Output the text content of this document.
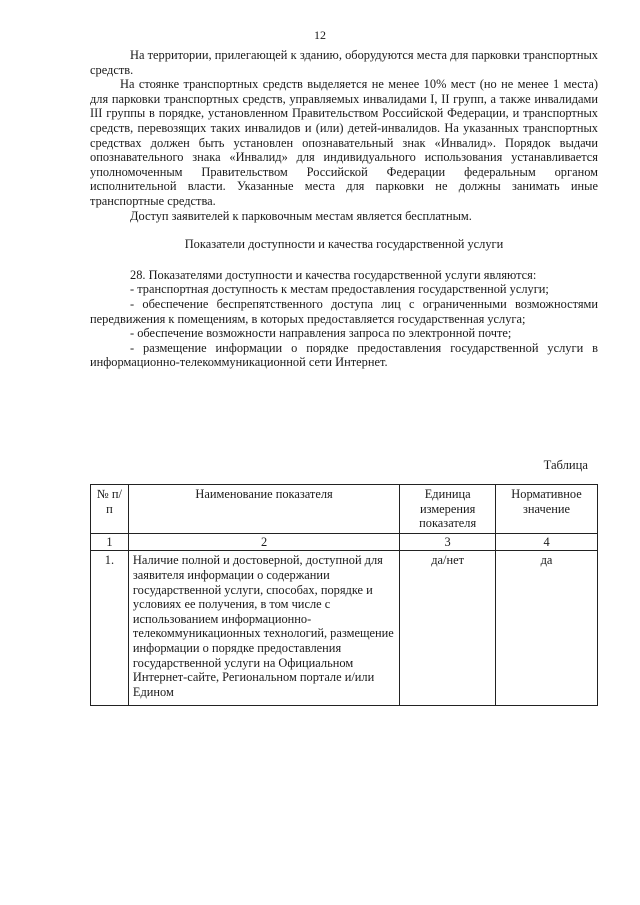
12

На территории, прилегающей к зданию, оборудуются места для парковки транспортных средств.

На стоянке транспортных средств выделяется не менее 10% мест (но не менее 1 места) для парковки транспортных средств, управляемых инвалидами I, II групп, а также инвалидами III группы в порядке, установленном Правительством Российской Федерации, и транспортных средств, перевозящих таких инвалидов и (или) детей-инвалидов. На указанных транспортных средствах должен быть установлен опознавательный знак «Инвалид». Порядок выдачи опознавательного знака «Инвалид» для индивидуального использования устанавливается уполномоченным Правительством Российской Федерации федеральным органом исполнительной власти. Указанные места для парковки не должны занимать иные транспортные средства.

Доступ заявителей к парковочным местам является бесплатным.

Показатели доступности и качества государственной услуги

28. Показателями доступности и качества государственной услуги являются:

- транспортная доступность к местам предоставления государственной услуги;

- обеспечение беспрепятственного доступа лиц с ограниченными возможностями передвижения к помещениям, в которых предоставляется государственная услуга;

- обеспечение возможности направления запроса по электронной почте;

- размещение информации о порядке предоставления государственной услуги в информационно-телекоммуникационной сети Интернет.

Таблица
№ п/п	Наименование показателя	Единица измерения показателя	Нормативное значение
1	2	3	4
1.	Наличие полной и достоверной, доступной для заявителя информации о содержании государственной услуги, способах, порядке и условиях ее получения, в том числе с использованием информационно-телекоммуникационных технологий, размещение информации о порядке предоставления государственной услуги на Официальном Интернет-сайте, Региональном портале и/или Едином	да/нет	да
